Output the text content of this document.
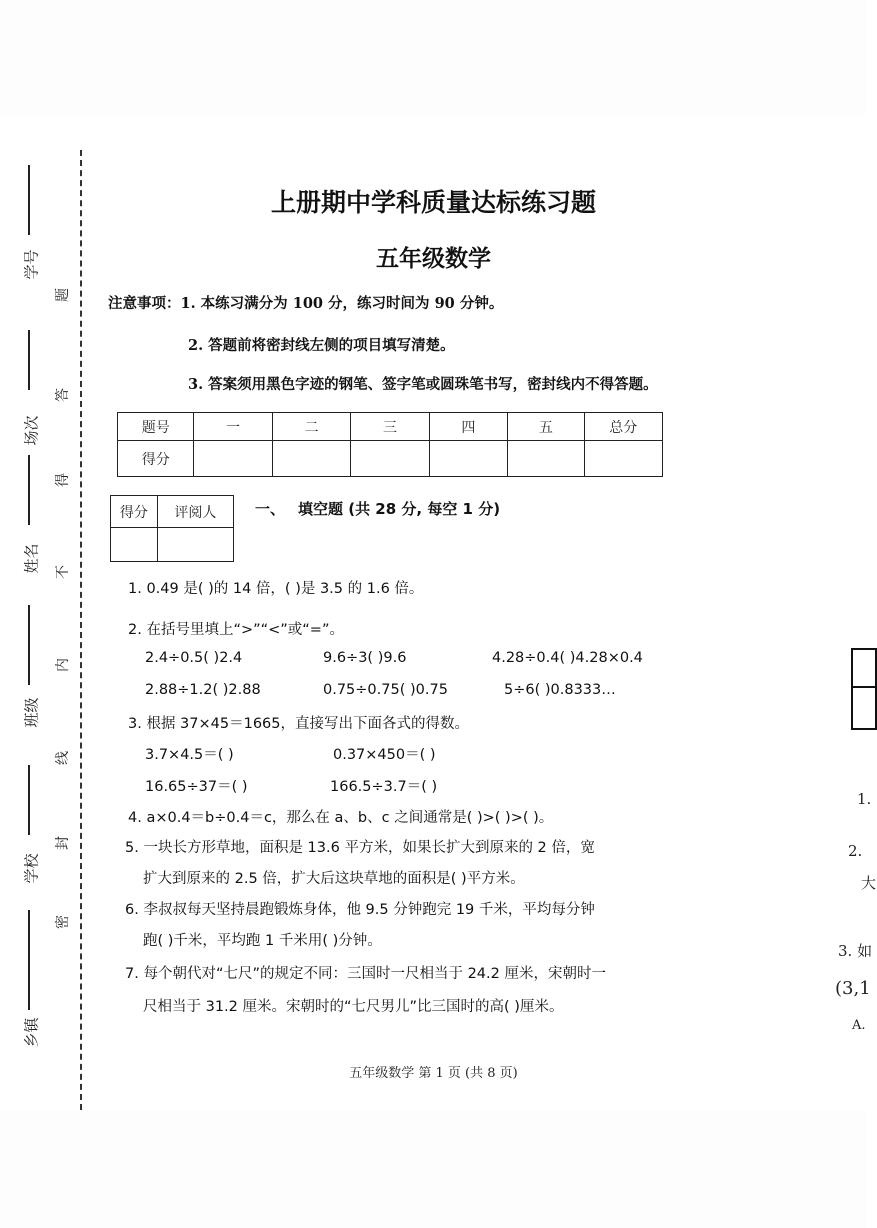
学号
场次
姓名
班级
学校
乡镇
题
答
得
不
内
线
封
密
上册期中学科质量达标练习题
五年级数学
注意事项：1. 本练习满分为 100 分，练习时间为 90 分钟。
2. 答题前将密封线左侧的项目填写清楚。
3. 答案须用黑色字迹的钢笔、签字笔或圆珠笔书写，密封线内不得答题。
题号	一	二	三	四	五	总分
得分						
得分	评阅人
		一、 填空题 (共 28 分, 每空 1 分)
1. 0.49 是( )的 14 倍，( )是 3.5 的 1.6 倍。
2. 在括号里填上“>”“<”或“=”。
2.4÷0.5( )2.4	9.6÷3( )9.6	4.28÷0.4( )4.28×0.4
2.88÷1.2( )2.88	0.75÷0.75( )0.75	5÷6( )0.8333…
3. 根据 37×45＝1665，直接写出下面各式的得数。
3.7×4.5＝( )	0.37×450＝( )
16.65÷37＝( )	166.5÷3.7＝( )
4. a×0.4＝b÷0.4＝c，那么在 a、b、c 之间通常是( )>( )>( )。
5. 一块长方形草地，面积是 13.6 平方米，如果长扩大到原来的 2 倍，宽
扩大到原来的 2.5 倍，扩大后这块草地的面积是( )平方米。
6. 李叔叔每天坚持晨跑锻炼身体，他 9.5 分钟跑完 19 千米，平均每分钟
跑( )千米，平均跑 1 千米用( )分钟。
7. 每个朝代对“七尺”的规定不同：三国时一尺相当于 24.2 厘米，宋朝时一
尺相当于 31.2 厘米。宋朝时的“七尺男儿”比三国时的高( )厘米。
五年级数学 第 1 页 (共 8 页)
1.
2.
大
3. 如
(3,1
A.
